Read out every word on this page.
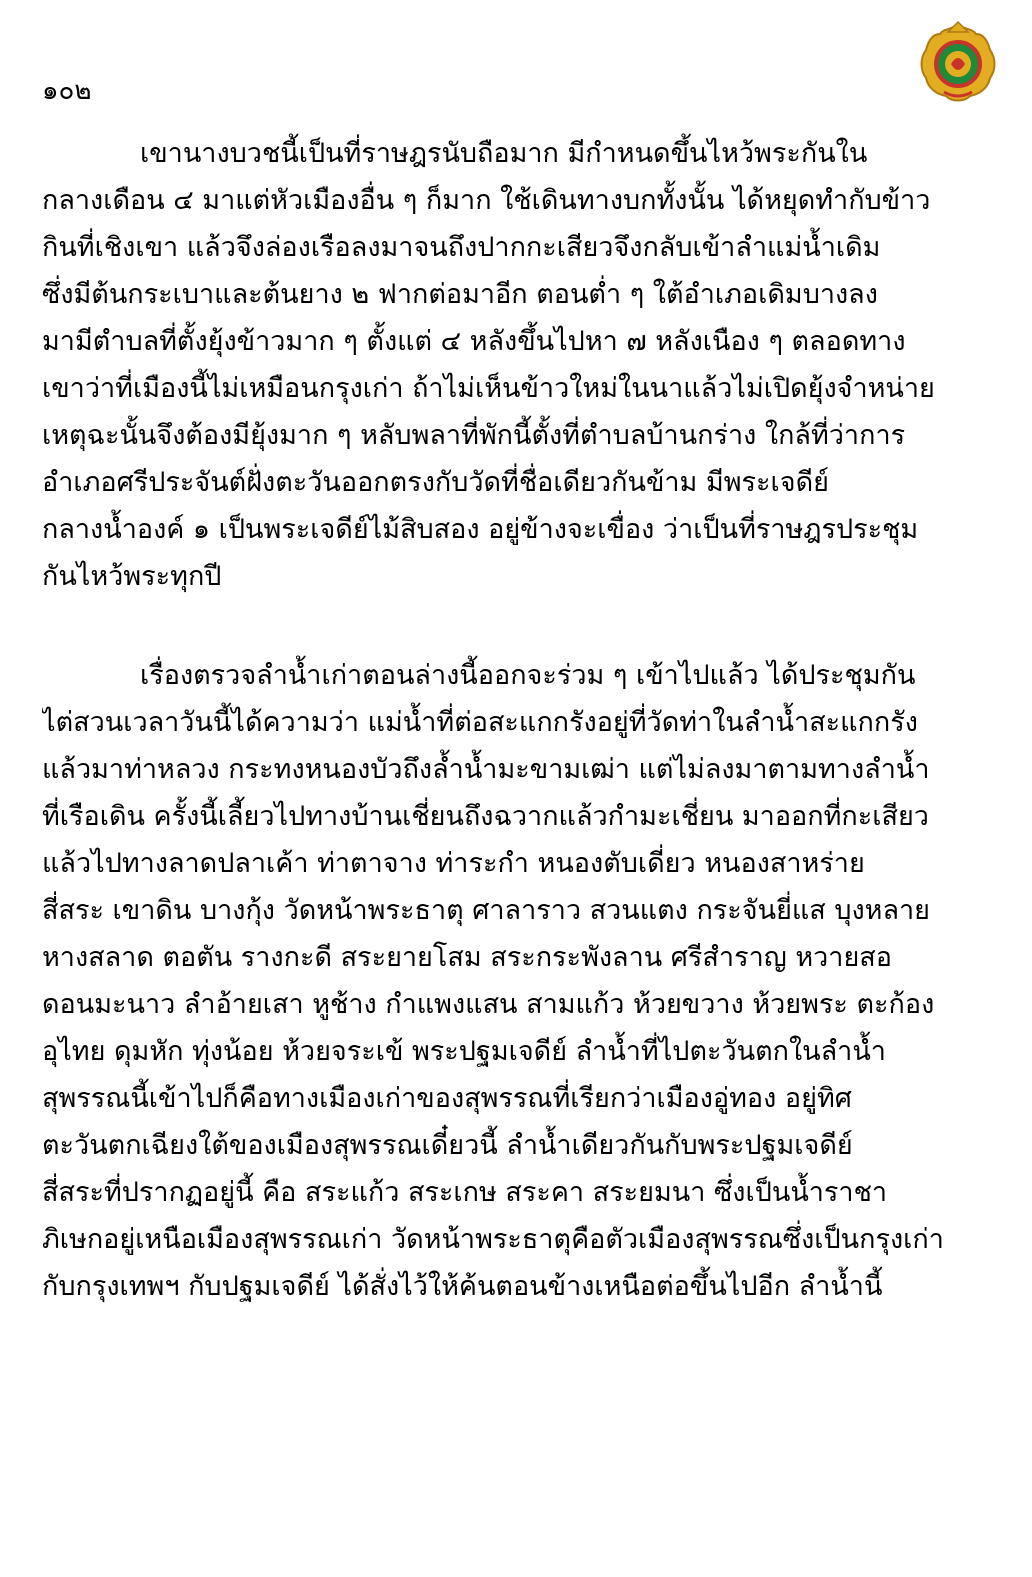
๑๐๒
เขานางบวชนี้เป็นที่ราษฎรนับถือมาก มีกำหนดขึ้นไหว้พระกันใน
กลางเดือน ๔ มาแต่หัวเมืองอื่น ๆ ก็มาก ใช้เดินทางบกทั้งนั้น ได้หยุดทำกับข้าว
กินที่เชิงเขา แล้วจึงล่องเรือลงมาจนถึงปากกะเสียวจึงกลับเข้าลำแม่น้ำเดิม
ซึ่งมีต้นกระเบาและต้นยาง ๒ ฟากต่อมาอีก ตอนต่ำ ๆ ใต้อำเภอเดิมบางลง
มามีตำบลที่ตั้งยุ้งข้าวมาก ๆ ตั้งแต่ ๔ หลังขึ้นไปหา ๗ หลังเนือง ๆ ตลอดทาง
เขาว่าที่เมืองนี้ไม่เหมือนกรุงเก่า ถ้าไม่เห็นข้าวใหม่ในนาแล้วไม่เปิดยุ้งจำหน่าย
เหตุฉะนั้นจึงต้องมียุ้งมาก ๆ หลับพลาที่พักนี้ตั้งที่ตำบลบ้านกร่าง ใกล้ที่ว่าการ
อำเภอศรีประจันต์ฝั่งตะวันออกตรงกับวัดที่ชื่อเดียวกันข้าม มีพระเจดีย์
กลางน้ำองค์ ๑ เป็นพระเจดีย์ไม้สิบสอง อยู่ข้างจะเขื่อง ว่าเป็นที่ราษฎรประชุม
กันไหว้พระทุกปี
เรื่องตรวจลำน้ำเก่าตอนล่างนี้ออกจะร่วม ๆ เข้าไปแล้ว ได้ประชุมกัน
ไต่สวนเวลาวันนี้ได้ความว่า แม่น้ำที่ต่อสะแกกรังอยู่ที่วัดท่าในลำน้ำสะแกกรัง
แล้วมาท่าหลวง กระทงหนองบัวถึงล้ำน้ำมะขามเฒ่า แต่ไม่ลงมาตามทางลำน้ำ
ที่เรือเดิน ครั้งนี้เลี้ยวไปทางบ้านเชี่ยนถึงฉวากแล้วกำมะเชี่ยน มาออกที่กะเสียว
แล้วไปทางลาดปลาเค้า ท่าตาจาง ท่าระกำ หนองตับเดี่ยว หนองสาหร่าย
สี่สระ เขาดิน บางกุ้ง วัดหน้าพระธาตุ ศาลาราว สวนแตง กระจันยี่แส บุงหลาย
หางสลาด ตอตัน รางกะดี สระยายโสม สระกระพังลาน ศรีสำราญ หวายสอ
ดอนมะนาว ลำอ้ายเสา หูช้าง กำแพงแสน สามแก้ว ห้วยขวาง ห้วยพระ ตะก้อง
อุไทย ดุมหัก ทุ่งน้อย ห้วยจระเข้ พระปฐมเจดีย์ ลำน้ำที่ไปตะวันตกในลำน้ำ
สุพรรณนี้เข้าไปก็คือทางเมืองเก่าของสุพรรณที่เรียกว่าเมืองอู่ทอง อยู่ทิศ
ตะวันตกเฉียงใต้ของเมืองสุพรรณเดี๋ยวนี้ ลำน้ำเดียวกันกับพระปฐมเจดีย์
สี่สระที่ปรากฏอยู่นี้ คือ สระแก้ว สระเกษ สระคา สระยมนา ซึ่งเป็นน้ำราชา
ภิเษกอยู่เหนือเมืองสุพรรณเก่า วัดหน้าพระธาตุคือตัวเมืองสุพรรณซึ่งเป็นกรุงเก่า
กับกรุงเทพฯ กับปฐมเจดีย์ ได้สั่งไว้ให้ค้นตอนข้างเหนือต่อขึ้นไปอีก ลำน้ำนี้
